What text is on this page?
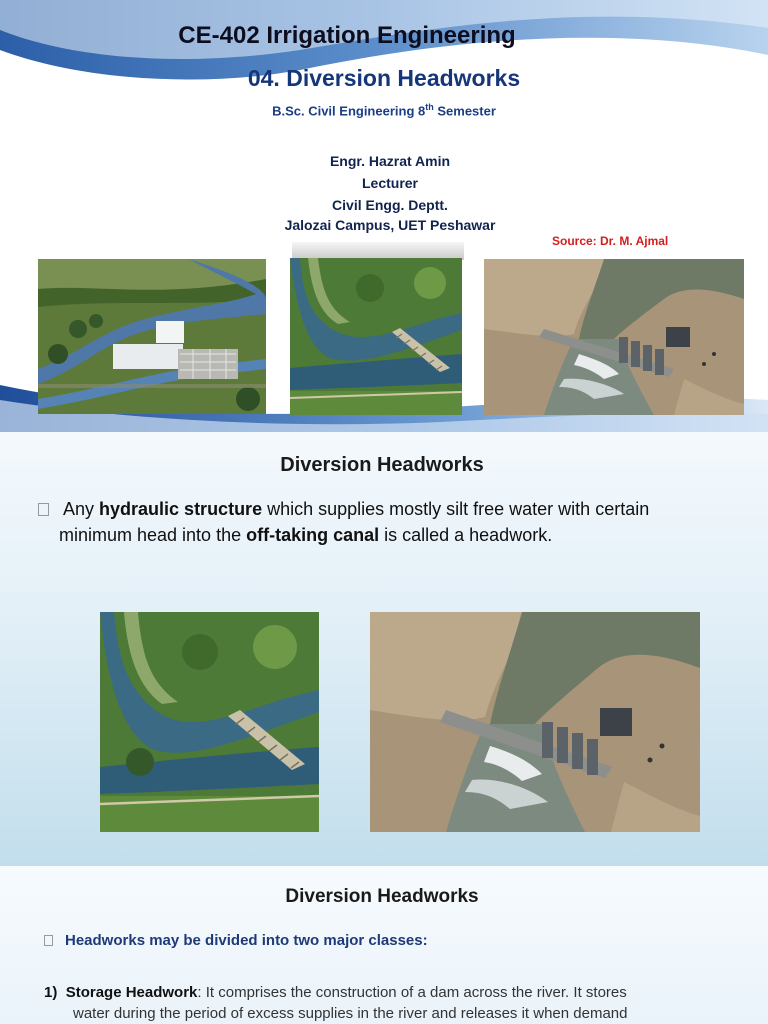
CE-402 Irrigation Engineering
04. Diversion Headworks
B.Sc. Civil Engineering 8th Semester
Engr. Hazrat Amin
Lecturer
Civil Engg. Deptt.
Jalozai Campus, UET Peshawar
Source: Dr. M. Ajmal
Diversion Headworks
Any hydraulic structure which supplies mostly silt free water with certain
minimum head into the off-taking canal is called a headwork.
Diversion Headworks
Headworks may be divided into two major classes:
1) Storage Headwork: It comprises the construction of a dam across the river. It stores
water during the period of excess supplies in the river and releases it when demand
